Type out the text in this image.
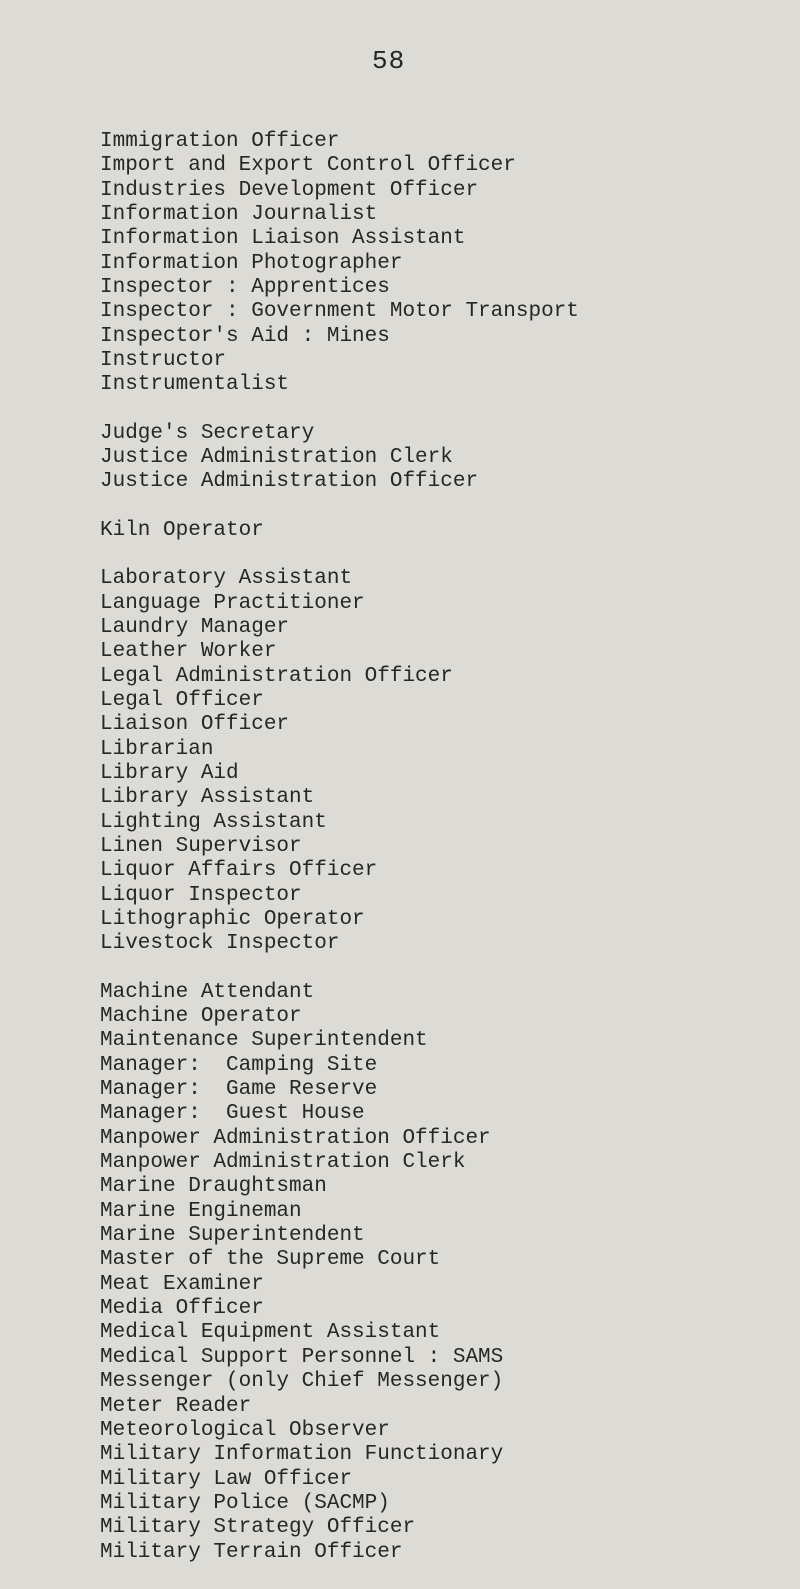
58
Immigration Officer
Import and Export Control Officer
Industries Development Officer
Information Journalist
Information Liaison Assistant
Information Photographer
Inspector : Apprentices
Inspector : Government Motor Transport
Inspector's Aid : Mines
Instructor
Instrumentalist
Judge's Secretary
Justice Administration Clerk
Justice Administration Officer
Kiln Operator
Laboratory Assistant
Language Practitioner
Laundry Manager
Leather Worker
Legal Administration Officer
Legal Officer
Liaison Officer
Librarian
Library Aid
Library Assistant
Lighting Assistant
Linen Supervisor
Liquor Affairs Officer
Liquor Inspector
Lithographic Operator
Livestock Inspector
Machine Attendant
Machine Operator
Maintenance Superintendent
Manager:  Camping Site
Manager:  Game Reserve
Manager:  Guest House
Manpower Administration Officer
Manpower Administration Clerk
Marine Draughtsman
Marine Engineman
Marine Superintendent
Master of the Supreme Court
Meat Examiner
Media Officer
Medical Equipment Assistant
Medical Support Personnel : SAMS
Messenger (only Chief Messenger)
Meter Reader
Meteorological Observer
Military Information Functionary
Military Law Officer
Military Police (SACMP)
Military Strategy Officer
Military Terrain Officer
